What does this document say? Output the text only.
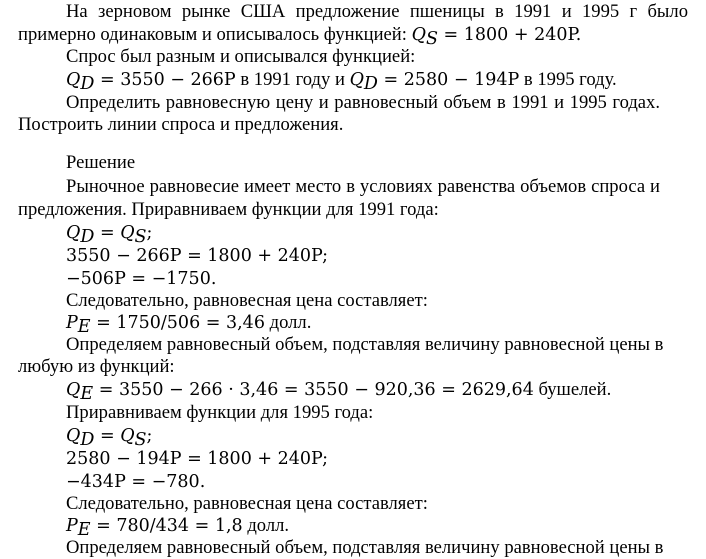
На зерновом рынке США предложение пшеницы в 1991 и 1995 г было
примерно одинаковым и описывалось функцией: $Q_S = 1800 + 240P$.
Спрос был разным и описывался функцией:
$Q_D = 3550 - 266P$ в 1991 году и $Q_D = 2580 - 194P$ в 1995 году.
Определить равновесную цену и равновесный объем в 1991 и 1995 годах.
Построить линии спроса и предложения.
Решение
Рыночное равновесие имеет место в условиях равенства объемов спроса и
предложения. Приравниваем функции для 1991 года:
$Q_D = Q_S$;
3550 − 266P = 1800 + 240P;
−506P = −1750.
Следовательно, равновесная цена составляет:
$P_E = 1750/506 = 3,46$ долл.
Определяем равновесный объем, подставляя величину равновесной цены в
любую из функций:
$Q_E = 3550 - 266 \cdot 3,46 = 3550 - 920,36 = 2629,64$ бушелей.
Приравниваем функции для 1995 года:
$Q_D = Q_S$;
2580 − 194P = 1800 + 240P;
−434P = −780.
Следовательно, равновесная цена составляет:
$P_E = 780/434 = 1,8$ долл.
Определяем равновесный объем, подставляя величину равновесной цены в
